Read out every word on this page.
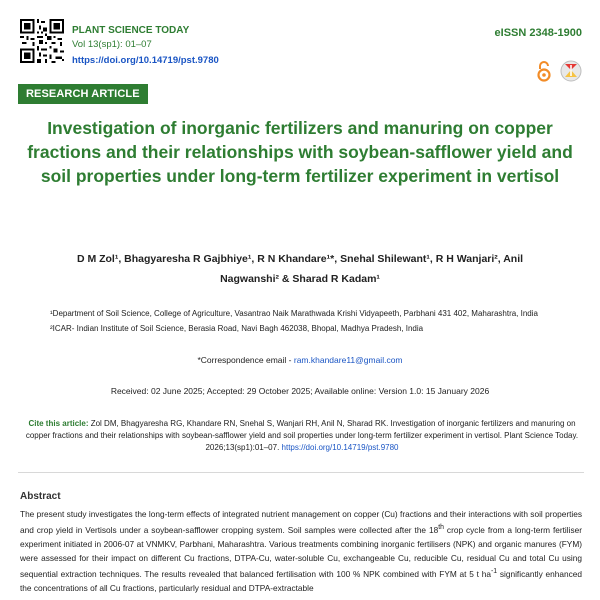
PLANT SCIENCE TODAY
Vol 13(sp1): 01–07
https://doi.org/10.14719/pst.9780
eISSN 2348-1900
RESEARCH ARTICLE
Investigation of inorganic fertilizers and manuring on copper fractions and their relationships with soybean-safflower yield and soil properties under long-term fertilizer experiment in vertisol
D M Zol¹, Bhagyaresha R Gajbhiye¹, R N Khandare¹*, Snehal Shilewant¹, R H Wanjari², Anil
Nagwanshi² & Sharad R Kadam¹
¹Department of Soil Science, College of Agriculture, Vasantrao Naik Marathwada Krishi Vidyapeeth, Parbhani 431 402, Maharashtra, India
²ICAR- Indian Institute of Soil Science, Berasia Road, Navi Bagh 462038, Bhopal, Madhya Pradesh, India
*Correspondence email - ram.khandare11@gmail.com
Received: 02 June 2025; Accepted: 29 October 2025; Available online: Version 1.0: 15 January 2026
Cite this article: Zol DM, Bhagyaresha RG, Khandare RN, Snehal S, Wanjari RH, Anil N, Sharad RK. Investigation of inorganic fertilizers and manuring on copper fractions and their relationships with soybean-safflower yield and soil properties under long-term fertilizer experiment in vertisol. Plant Science Today. 2026;13(sp1):01–07. https://doi.org/10.14719/pst.9780
Abstract

The present study investigates the long-term effects of integrated nutrient management on copper (Cu) fractions and their interactions with soil properties and crop yield in Vertisols under a soybean-safflower cropping system. Soil samples were collected after the 18th crop cycle from a long-term fertiliser experiment initiated in 2006-07 at VNMKV, Parbhani, Maharashtra. Various treatments combining inorganic fertilisers (NPK) and organic manures (FYM) were assessed for their impact on different Cu fractions, DTPA-Cu, water-soluble Cu, exchangeable Cu, reducible Cu, residual Cu and total Cu using sequential extraction techniques. The results revealed that balanced fertilisation with 100 % NPK combined with FYM at 5 t $ha^{-1}$ significantly enhanced the concentrations of all Cu fractions, particularly residual and DTPA-extractable
